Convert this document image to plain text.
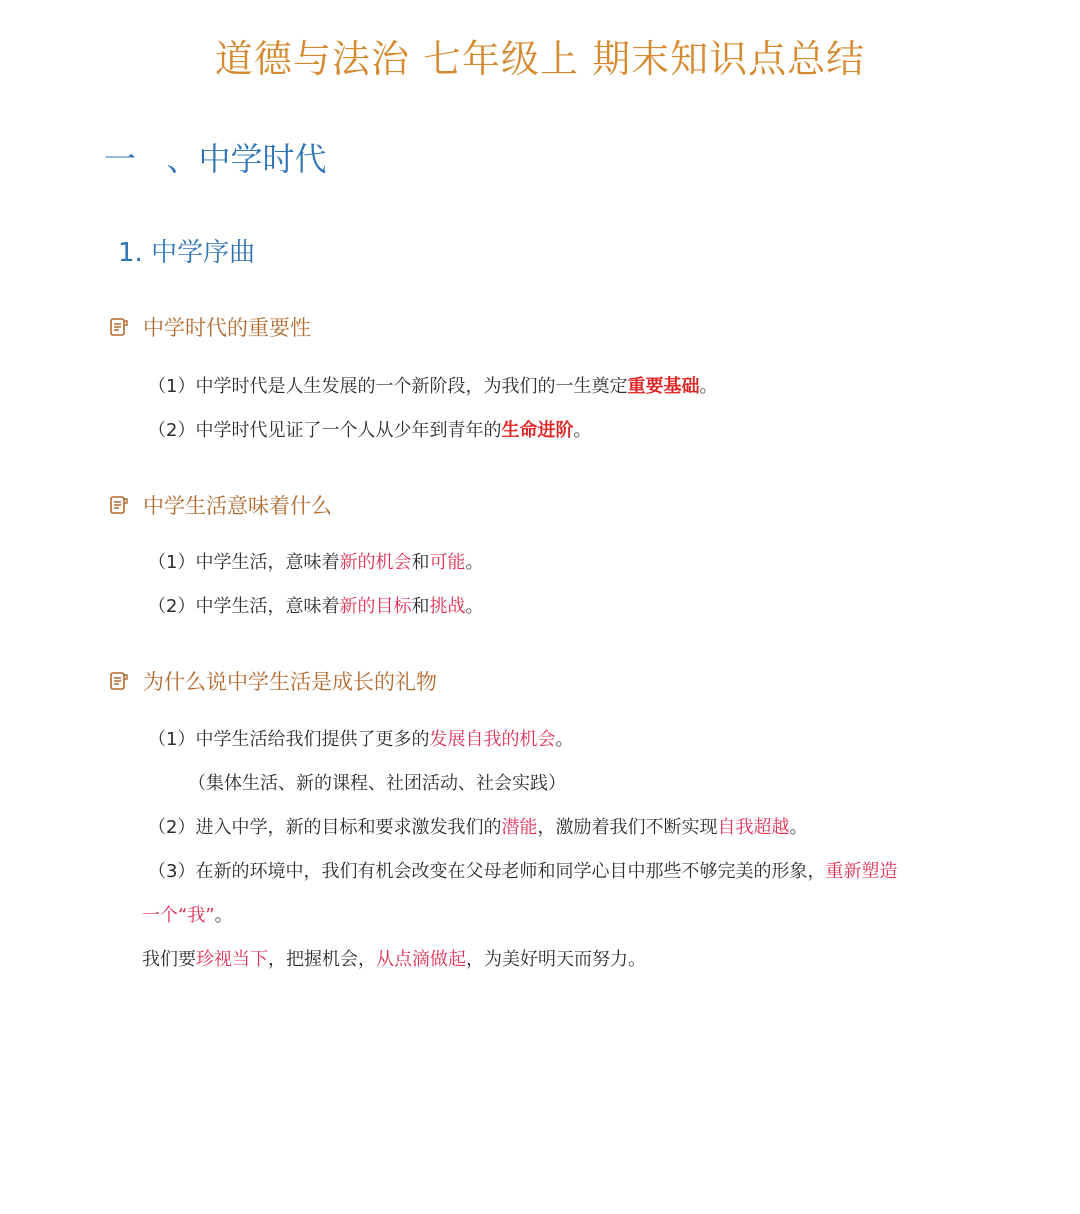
道德与法治 七年级上 期末知识点总结
一 、中学时代
1. 中学序曲
中学时代的重要性
（1）中学时代是人生发展的一个新阶段，为我们的一生奠定重要基础。
（2）中学时代见证了一个人从少年到青年的生命进阶。
中学生活意味着什么
（1）中学生活，意味着新的机会和可能。
（2）中学生活，意味着新的目标和挑战。
为什么说中学生活是成长的礼物
（1）中学生活给我们提供了更多的发展自我的机会。
（集体生活、新的课程、社团活动、社会实践）
（2）进入中学，新的目标和要求激发我们的潜能，激励着我们不断实现自我超越。
（3）在新的环境中，我们有机会改变在父母老师和同学心目中那些不够完美的形象，重新塑造
一个“我”。
我们要珍视当下，把握机会，从点滴做起，为美好明天而努力。
